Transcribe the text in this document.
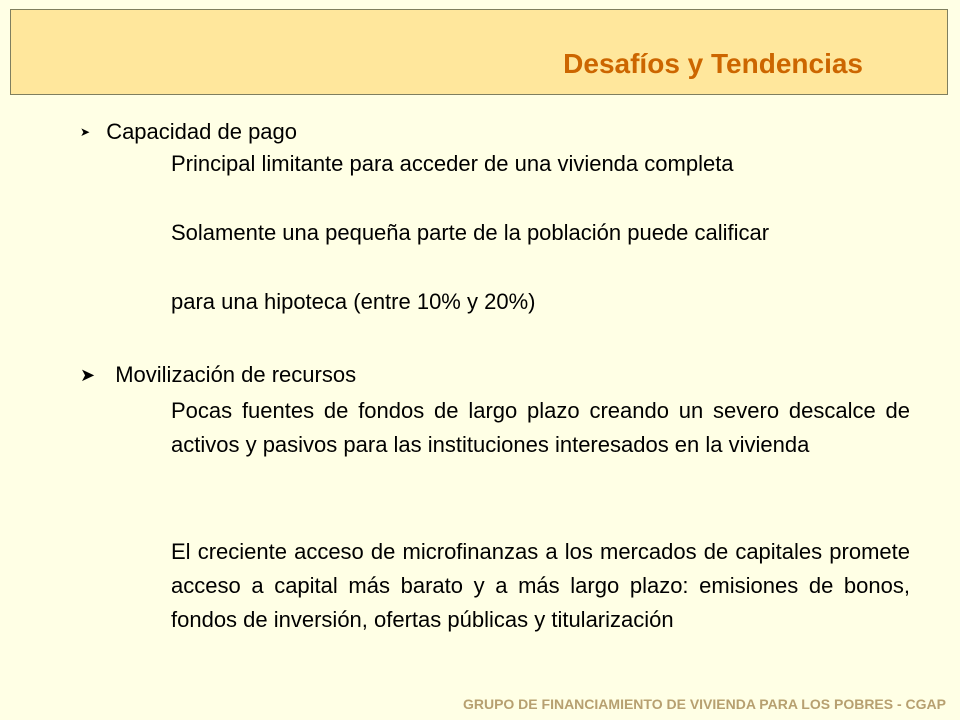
Desafíos y Tendencias
➤ Capacidad de pago

Principal limitante para acceder de una vivienda completa

Solamente una pequeña parte de la población puede calificar

para una hipoteca (entre 10% y 20%)

➤ Movilización de recursos

Pocas fuentes de fondos de largo plazo creando un severo descalce de activos y pasivos para las instituciones interesados en la vivienda

El creciente acceso de microfinanzas a los mercados de capitales promete acceso a capital más barato y a más largo plazo: emisiones de bonos, fondos de inversión, ofertas públicas y titularización

GRUPO DE FINANCIAMIENTO DE VIVIENDA PARA LOS POBRES - CGAP
